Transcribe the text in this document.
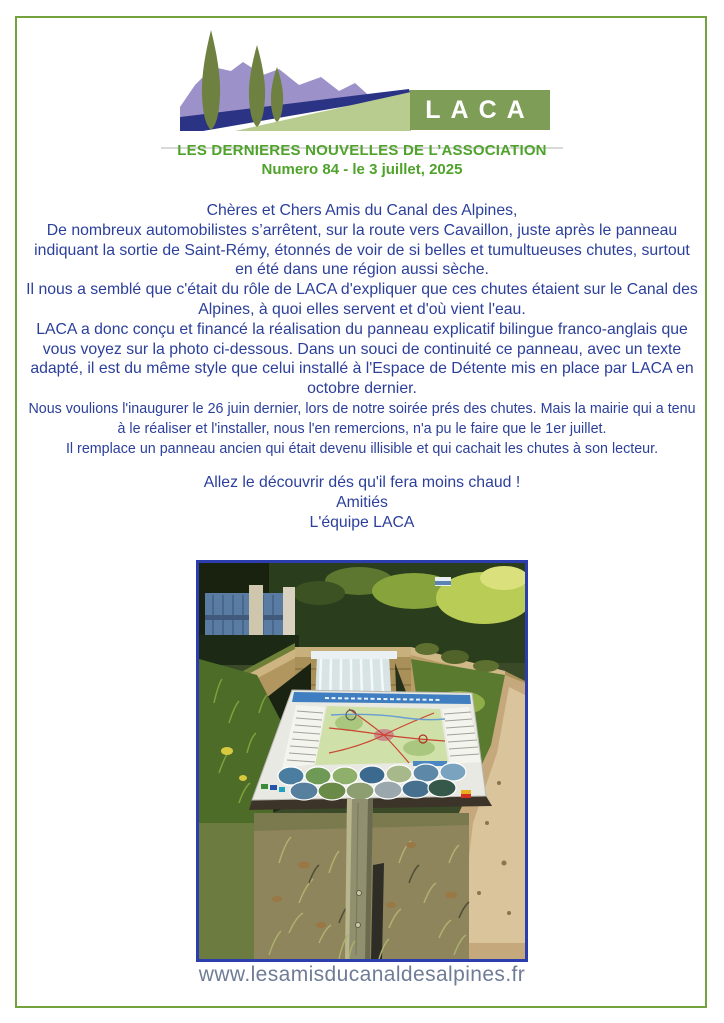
LACA
LES DERNIERES NOUVELLES DE L’ASSOCIATION
Numero 84 - le 3 juillet, 2025

Chères et Chers Amis du Canal des Alpines,

De nombreux automobilistes s’arrêtent, sur la route vers Cavaillon, juste après le panneau indiquant la sortie de Saint-Rémy, étonnés de voir de si belles et tumultueuses chutes, surtout en été dans une région aussi sèche.

Il nous a semblé que c'était du rôle de LACA d'expliquer que ces chutes étaient sur le Canal des Alpines, à quoi elles servent et d'où vient l'eau.

LACA a donc conçu et financé la réalisation du panneau explicatif bilingue franco-anglais que vous voyez sur la photo ci-dessous. Dans un souci de continuité ce panneau, avec un texte adapté, il est du même style que celui installé à l'Espace de Détente mis en place par LACA en octobre dernier.

Nous voulions l'inaugurer le 26 juin dernier, lors de notre soirée prés des chutes. Mais la mairie qui a tenu à le réaliser et l'installer, nous l'en remercions, n'a pu le faire que le 1er juillet.

Il remplace un panneau ancien qui était devenu illisible et qui cachait les chutes à son lecteur.

Allez le découvrir dés qu'il fera moins chaud !

Amitiés

L'équipe LACA

www.lesamisducanaldesalpines.fr
